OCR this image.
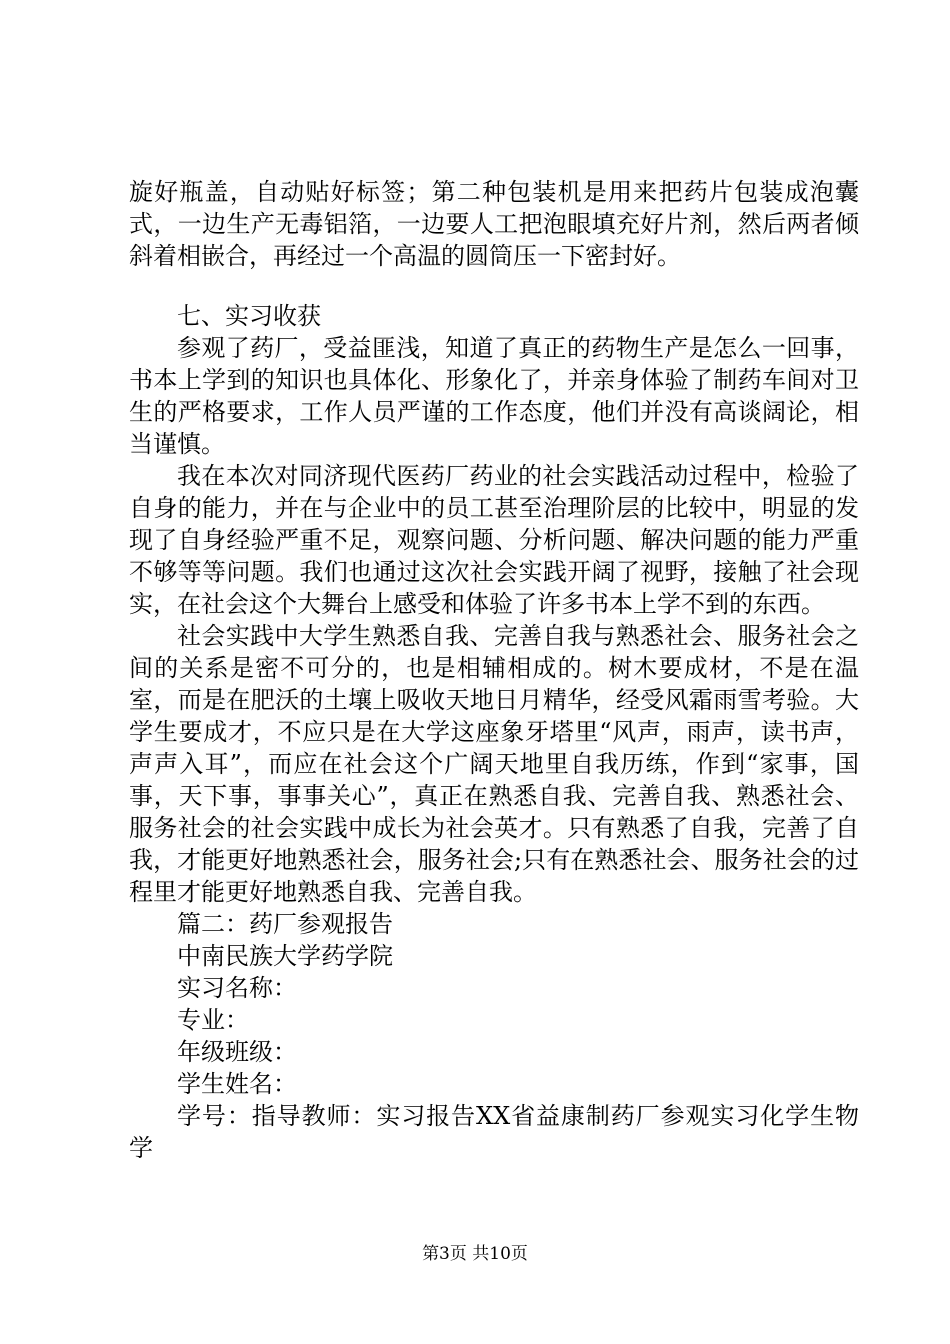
旋好瓶盖，自动贴好标签；第二种包装机是用来把药片包装成泡囊式，一边生产无毒铝箔，一边要人工把泡眼填充好片剂，然后两者倾斜着相嵌合，再经过一个高温的圆筒压一下密封好。

七、实习收获

参观了药厂，受益匪浅，知道了真正的药物生产是怎么一回事，书本上学到的知识也具体化、形象化了，并亲身体验了制药车间对卫生的严格要求，工作人员严谨的工作态度，他们并没有高谈阔论，相当谨慎。

我在本次对同济现代医药厂药业的社会实践活动过程中，检验了自身的能力，并在与企业中的员工甚至治理阶层的比较中，明显的发现了自身经验严重不足，观察问题、分析问题、解决问题的能力严重不够等等问题。我们也通过这次社会实践开阔了视野，接触了社会现实，在社会这个大舞台上感受和体验了许多书本上学不到的东西。

社会实践中大学生熟悉自我、完善自我与熟悉社会、服务社会之间的关系是密不可分的，也是相辅相成的。树木要成材，不是在温室，而是在肥沃的土壤上吸收天地日月精华，经受风霜雨雪考验。大学生要成才，不应只是在大学这座象牙塔里“风声，雨声，读书声，声声入耳”，而应在社会这个广阔天地里自我历练，作到“家事，国事，天下事，事事关心”，真正在熟悉自我、完善自我、熟悉社会、服务社会的社会实践中成长为社会英才。只有熟悉了自我，完善了自我，才能更好地熟悉社会，服务社会;只有在熟悉社会、服务社会的过程里才能更好地熟悉自我、完善自我。

篇二：药厂参观报告

中南民族大学药学院

实习名称：

专业：

年级班级：

学生姓名：

学号：指导教师：实习报告XX省益康制药厂参观实习化学生物学

第3页 共10页
